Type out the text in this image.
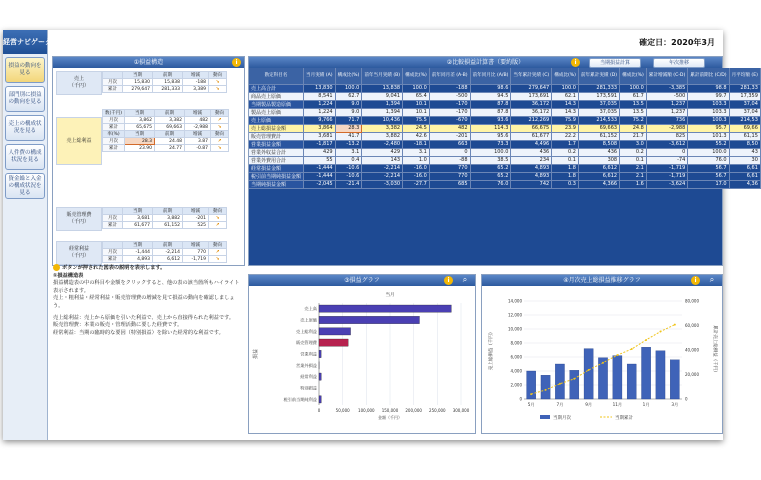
経営ナビゲータ
損益の動向を見る
部門別に損益の動向を見る
売上の構成状況を見る
人件費の構成状況を見る
資金繰と入金の構成状況を見る
確定日：2020年3月
①損益構造	i
売上
（千円）
	当期	前期	増減	動向
月次	15,830	15,838	-188	↘
累計	279,647	281,333	3,389	↘
売上総利益
数(千円)	当期	前期	増減	動向
月次	3,862	3,382	482	↗
累計	65,675	69,663	-2,988	↘
率(%)	当期	前期	増減	動向
月次	28.3	24.48	3.87	↗
累計	23.90	24.77	-0.87	↘
販売管理費
（千円）
	当期	前期	増減	動向
月次	3,681	3,882	-201	↘
累計	61,677	61,152	525	↗
経常利益
（千円）
	当期	前期	増減	動向
月次	-1,444	-2,214	770	↗
累計	4,893	6,612	-1,719	↘
②比較損益計算書（要約版）	i	当期損益計算	年次推移
勘定科目名	当月実績 (A)	構成比(%)	前年当月実績 (B)	構成比(%)	前年同月差 (A-B)	前年同月比 (A/B)	当年累計実績 (C)	構成比(%)	前年累計実績 (D)	構成比(%)	累計増減額 (C-D)	累計前期比 (C/D)	月平均額 (E)
売上高合計	13,830	100.0	13,838	100.0	-188	98.6	279,647	100.0	281,333	100.0	-3,385	98.8	281,33
商品売上原価	8,541	62.7	9,041	65.4	-500	94.5	173,691	62.1	173,591	61.7	-500	99.7	17,359
当期製品製造原価	1,224	9.0	1,394	10.1	-170	87.8	36,172	14.3	37,035	13.5	1,237	103.3	37,04
製品売上原価	1,224	9.0	1,394	10.1	-170	87.8	36,172	14.3	37,035	13.5	1,237	103.3	37,04
売上原価	9,766	71.7	10,436	75.5	-670	93.6	212,269	75.9	214,533	75.2	736	100.3	214,53
売上総損益金額	3,864	28.3	3,382	24.5	482	114.3	66,675	23.9	69,663	24.8	-2,988	95.7	69,66
販売管理費計	3,681	41.7	3,882	42.6	-201	95.6	61,677	22.2	61,152	21.7	825	101.3	61,15
営業損益金額	-1,817	-13.2	-2,480	-18.1	663	73.3	4,496	1.7	8,508	3.0	-3,612	55.2	8,50
営業外収益合計	429	3.1	429	3.1	0	100.0	436	0.2	436	0.2	0	100.0	43
営業外費用合計	55	0.4	143	1.0	-88	38.5	234	0.1	308	0.1	-74	76.0	30
経常損益金額	-1,444	-10.6	-2,214	-16.0	770	65.2	4,893	1.8	6,612	2.1	-1,719	56.7	6,61
税引前当期純損益金額	-1,444	-10.6	-2,214	-16.0	770	65.2	4,893	1.8	6,612	2.1	-1,719	56.7	6,61
当期純損益金額	-2,045	-21.4	-3,030	-27.7	685	76.0	742	0.3	4,366	1.6	-3,624	17.0	4,36
ボタンが押された図表の説明を表示します。
①損益構造表
損益構造表の中の科目や金額をクリックすると、他の表の該当箇所もハイライト表示されます。
売上・粗利益・経常利益・販売管理費の増減を見て損益の動向を確認しましょう。
売上総利益：売上から原価を引いた利益で、売上から直接得られた利益です。
販売管理費：本業の販売・管理活動に要した経費です。
経常利益：当期の臨時的な要因（特別損益）を除いた経常的な利益です。
③損益グラフ	i	⌕
当月
損益
0	50,000 100,000 150,000 200,000 250,000 300,000
金額（千円）
売上高
売上原価
売上総利益
販売管理費
営業利益
営業外損益
経常利益
特別損益
税引前当期純利益
④月次売上総損益推移グラフ	i	⌕
売上総損益（千円）	累計売上総損益（千円）
14,000
12,000
10,000
8,000
6,000
4,000
2,000
0
80,000
60,000
40,000
20,000
0
5月	7月	9月	11月	1月	3月
当期月次	当期累計
